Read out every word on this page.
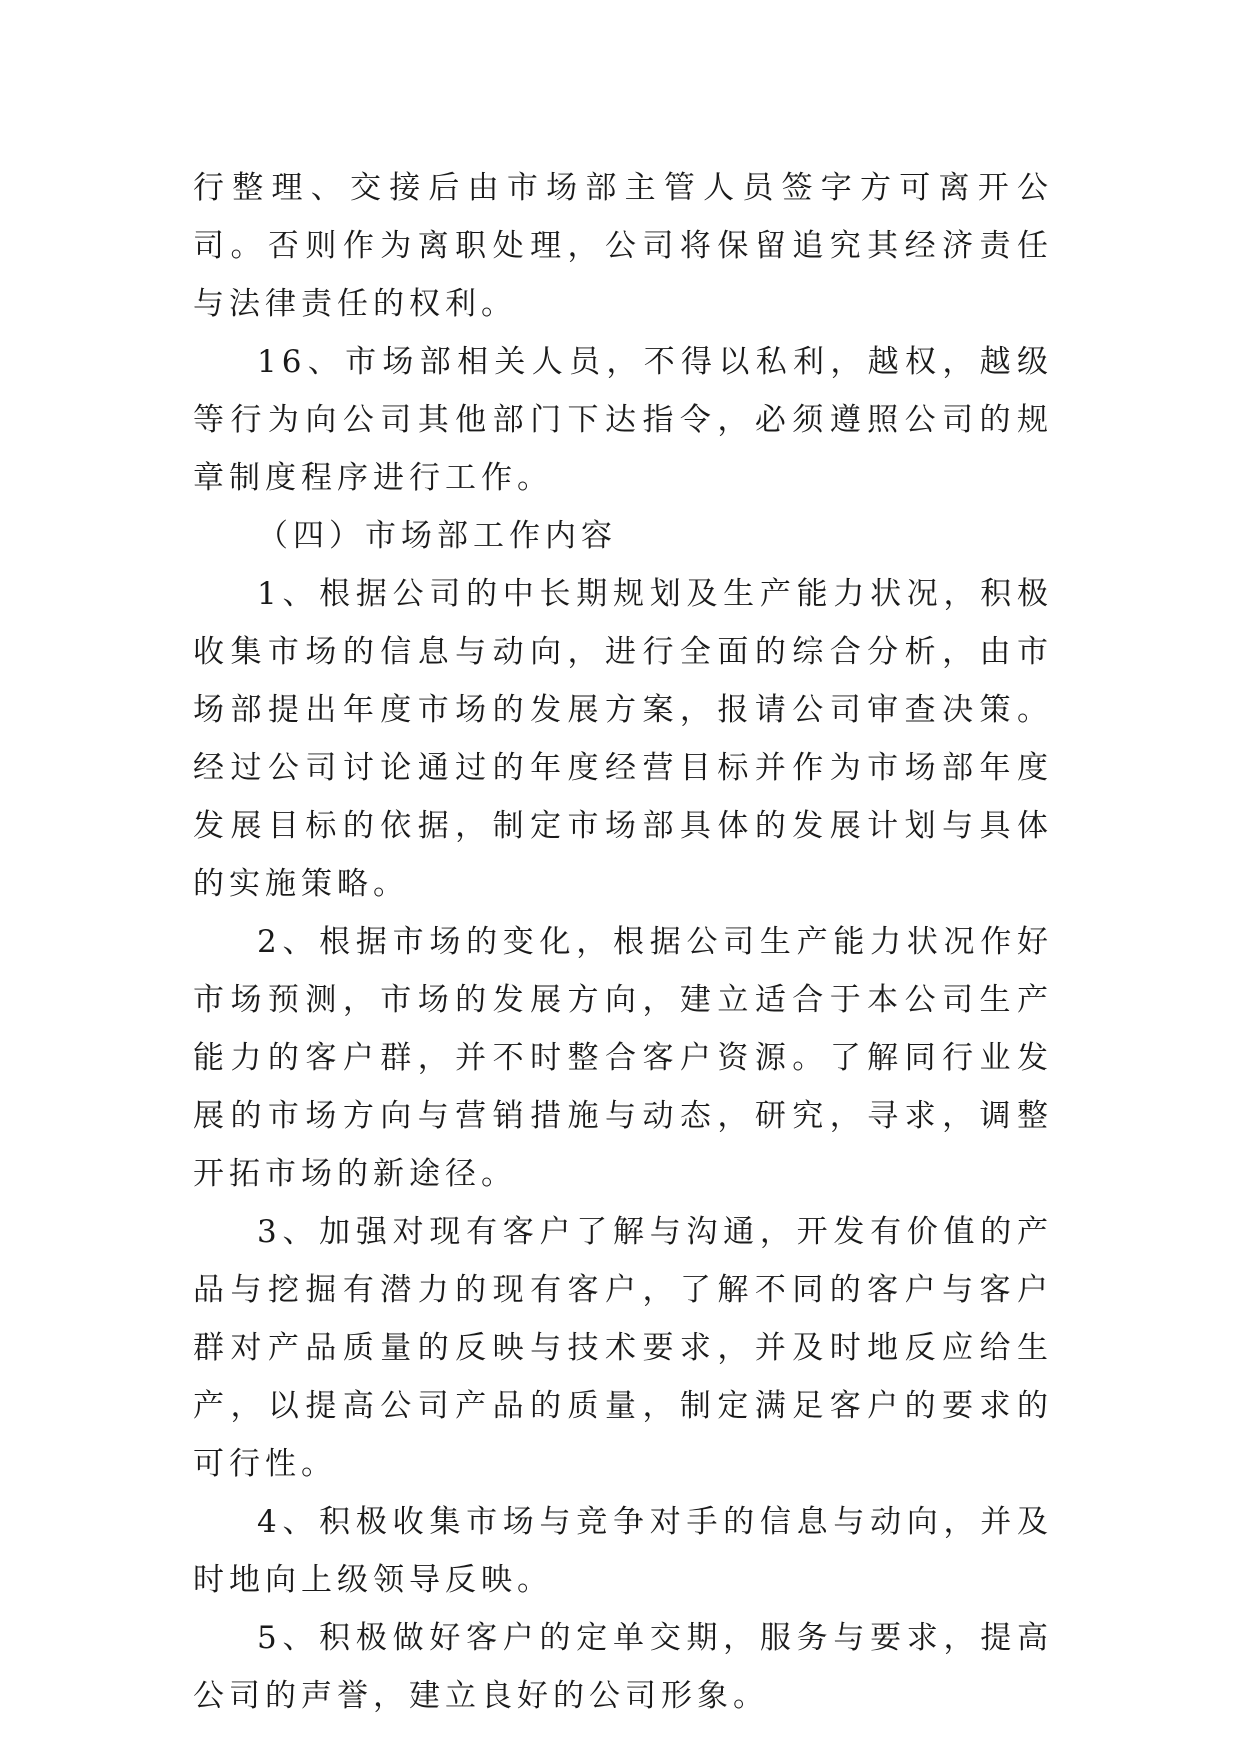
行整理、交接后由市场部主管人员签字方可离开公司。否则作为离职处理，公司将保留追究其经济责任与法律责任的权利。

16、市场部相关人员，不得以私利，越权，越级等行为向公司其他部门下达指令，必须遵照公司的规章制度程序进行工作。

（四）市场部工作内容

1、根据公司的中长期规划及生产能力状况，积极收集市场的信息与动向，进行全面的综合分析，由市场部提出年度市场的发展方案，报请公司审查决策。经过公司讨论通过的年度经营目标并作为市场部年度发展目标的依据，制定市场部具体的发展计划与具体的实施策略。

2、根据市场的变化，根据公司生产能力状况作好市场预测，市场的发展方向，建立适合于本公司生产能力的客户群，并不时整合客户资源。了解同行业发展的市场方向与营销措施与动态，研究，寻求，调整开拓市场的新途径。

3、加强对现有客户了解与沟通，开发有价值的产品与挖掘有潜力的现有客户，了解不同的客户与客户群对产品质量的反映与技术要求，并及时地反应给生产，以提高公司产品的质量，制定满足客户的要求的可行性。

4、积极收集市场与竞争对手的信息与动向，并及时地向上级领导反映。

5、积极做好客户的定单交期，服务与要求，提高公司的声誉，建立良好的公司形象。
